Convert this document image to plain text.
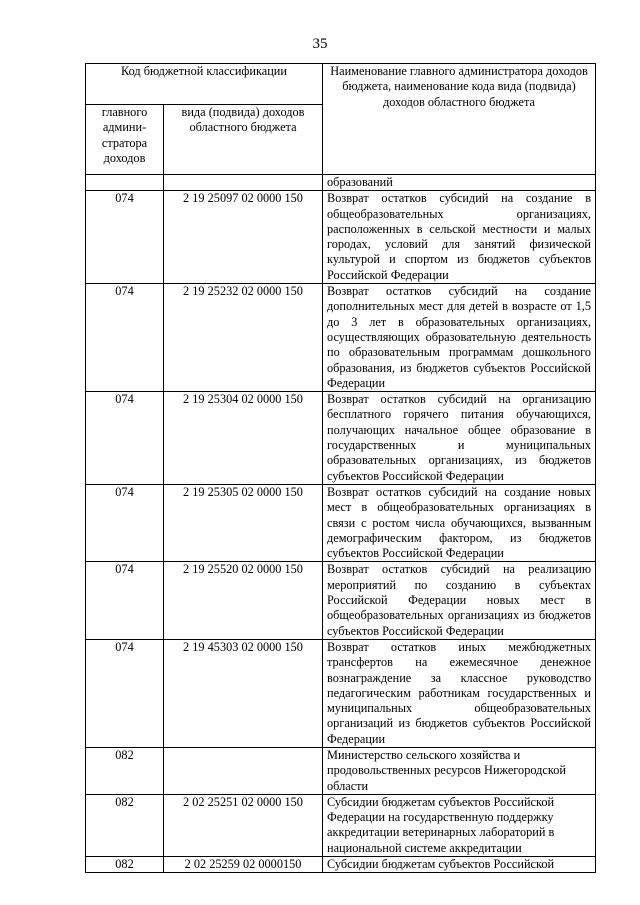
35
Код бюджетной классификации		Наименование главного администратора доходов бюджета, наименование кода вида (подвида) доходов областного бюджета
главного админи-стратора доходов	вида (подвида) доходов областного бюджета	
		образований
074	2 19 25097 02 0000 150	Возврат остатков субсидий на создание в общеобразовательных организациях, расположенных в сельской местности и малых городах, условий для занятий физической культурой и спортом из бюджетов субъектов Российской Федерации
074	2 19 25232 02 0000 150	Возврат остатков субсидий на создание дополнительных мест для детей в возрасте от 1,5 до 3 лет в образовательных организациях, осуществляющих образовательную деятельность по образовательным программам дошкольного образования, из бюджетов субъектов Российской Федерации
074	2 19 25304 02 0000 150	Возврат остатков субсидий на организацию бесплатного горячего питания обучающихся, получающих начальное общее образование в государственных и муниципальных образовательных организациях, из бюджетов субъектов Российской Федерации
074	2 19 25305 02 0000 150	Возврат остатков субсидий на создание новых мест в общеобразовательных организациях в связи с ростом числа обучающихся, вызванным демографическим фактором, из бюджетов субъектов Российской Федерации
074	2 19 25520 02 0000 150	Возврат остатков субсидий на реализацию мероприятий по созданию в субъектах Российской Федерации новых мест в общеобразовательных организациях из бюджетов субъектов Российской Федерации
074	2 19 45303 02 0000 150	Возврат остатков иных межбюджетных трансфертов на ежемесячное денежное вознаграждение за классное руководство педагогическим работникам государственных и муниципальных общеобразовательных организаций из бюджетов субъектов Российской Федерации
082		Министерство сельского хозяйства и продовольственных ресурсов Нижегородской области
082	2 02 25251 02 0000 150	Субсидии бюджетам субъектов Российской Федерации на государственную поддержку аккредитации ветеринарных лабораторий в национальной системе аккредитации
082	2 02 25259 02 0000150	Субсидии бюджетам субъектов Российской
